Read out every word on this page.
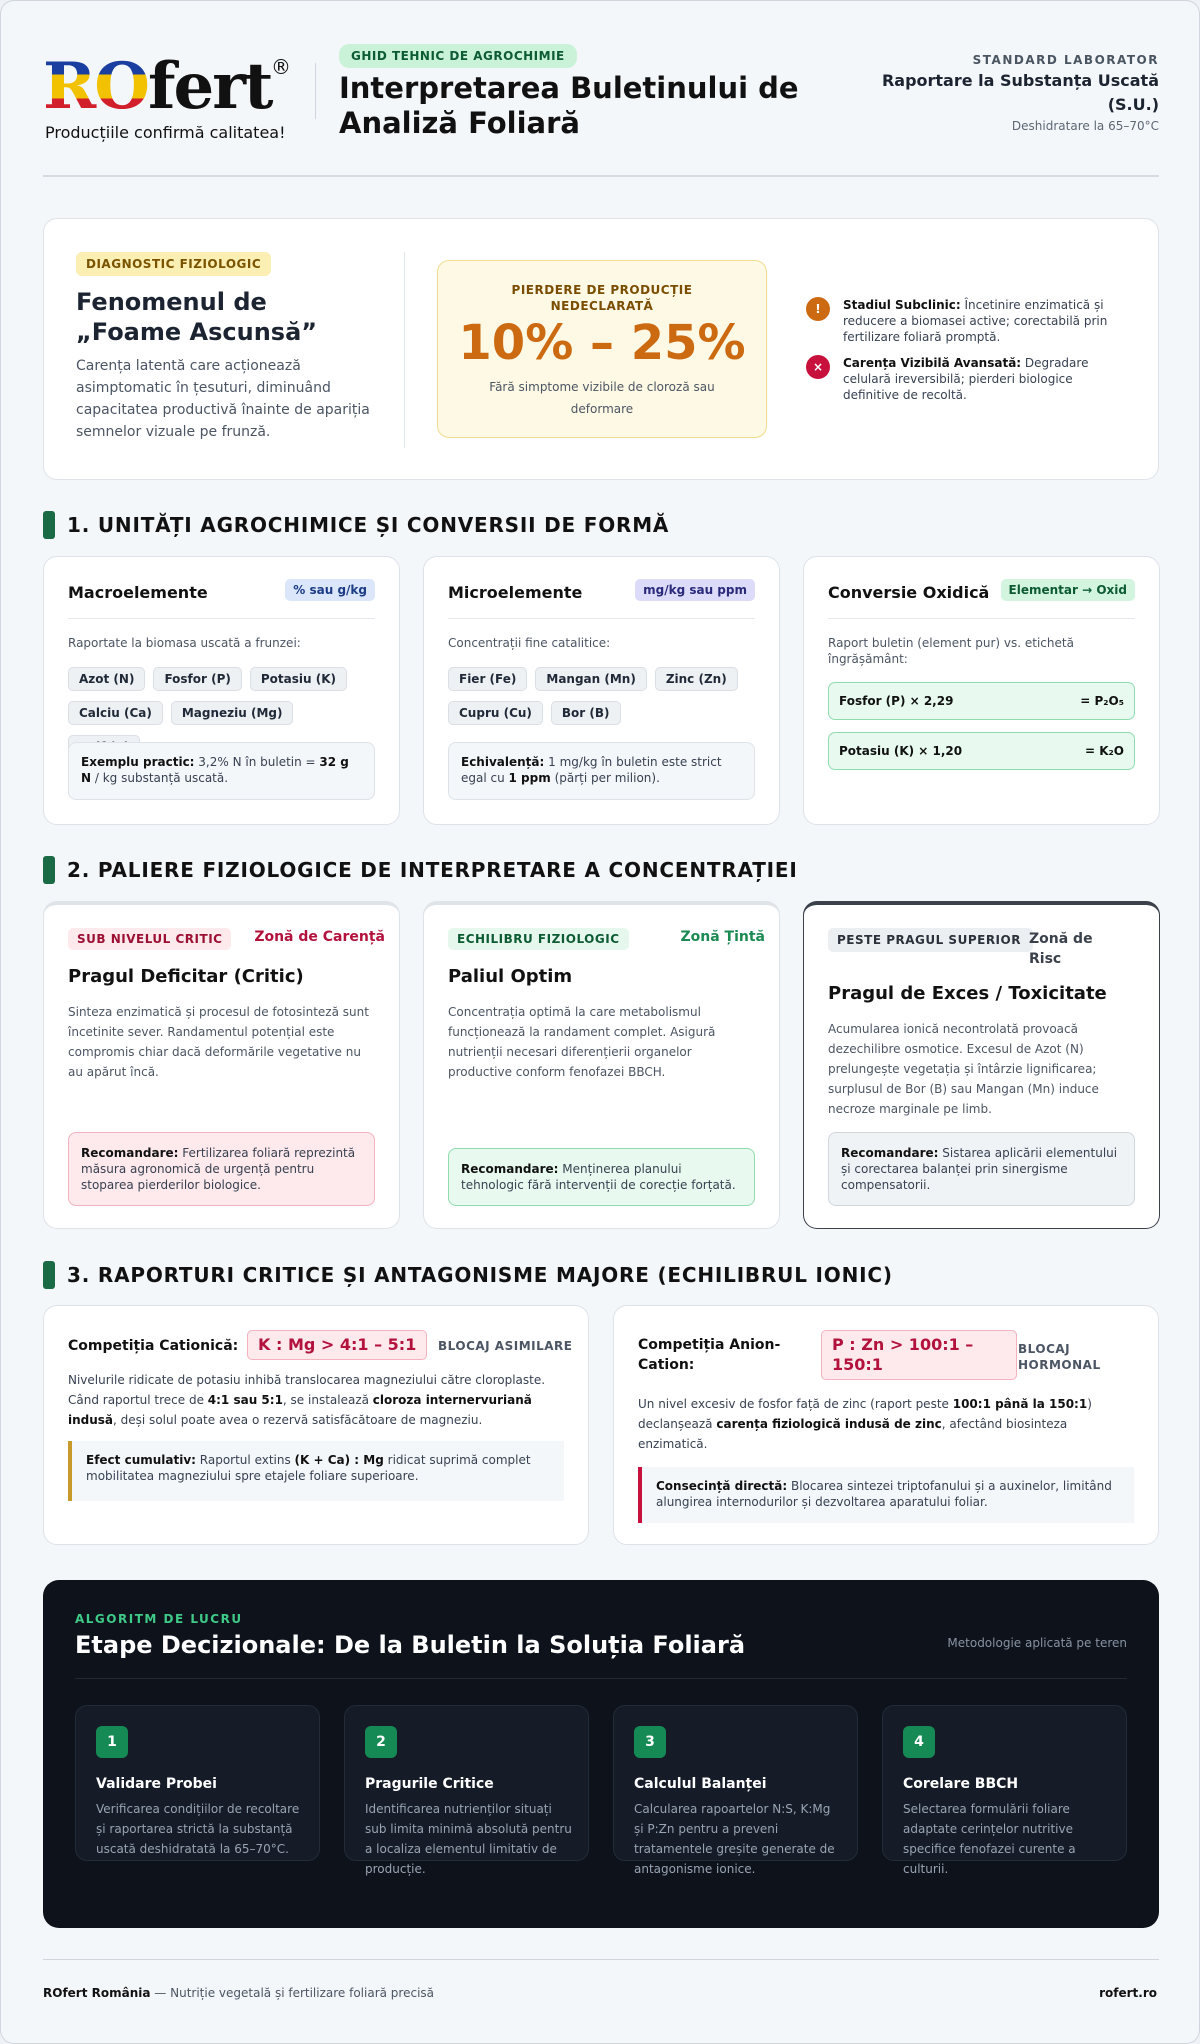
ROfert ®
Producțiile confirmă calitatea!
GHID TEHNIC DE AGROCHIMIE
Interpretarea Buletinului de Analiză Foliară
STANDARD LABORATOR
Raportare la Substanța Uscată (S.U.)
Deshidratare la 65–70°C
DIAGNOSTIC FIZIOLOGIC
Fenomenul de „Foame Ascunsă”
Carența latentă care acționează asimptomatic în țesuturi, diminuând capacitatea productivă înainte de apariția semnelor vizuale pe frunză.
PIERDERE DE PRODUCȚIE NEDECLARATĂ
10% – 25%
Fără simptome vizibile de cloroză sau deformare
!	Stadiul Subclinic: Încetinire enzimatică și reducere a biomasei active; corectabilă prin fertilizare foliară promptă.
×	Carența Vizibilă Avansată: Degradare celulară ireversibilă; pierderi biologice definitive de recoltă.
1. UNITĂȚI AGROCHIMICE ȘI CONVERSII DE FORMĂ
Macroelemente	% sau g/kg
Raportate la biomasa uscată a frunzei:
Azot (N)	Fosfor (P)	Potasiu (K)Calciu (Ca)	Magneziu (Mg)
Exemplu practic: 3,2% N în buletin = 32 g N / kg substanță uscată.
Microelemente	mg/kg sau ppm
Concentrații fine catalitice:
Fier (Fe)	Mangan (Mn)	Zinc (Zn)Cupru (Cu)	Bor (B)
Echivalență: 1 mg/kg în buletin este strict egal cu 1 ppm (părți per milion).
Conversie Oxidică	Elementar → Oxid
Raport buletin (element pur) vs. etichetă îngrășământ:
Fosfor (P) × 2,29	= P₂O₅
Potasiu (K) × 1,20	= K₂O
2. PALIERE FIZIOLOGICE DE INTERPRETARE A CONCENTRAȚIEI
SUB NIVELUL CRITIC	Zonă de Carență
Pragul Deficitar (Critic)
Sinteza enzimatică și procesul de fotosinteză sunt încetinite sever. Randamentul potențial este compromis chiar dacă deformările vegetative nu au apărut încă.
Recomandare: Fertilizarea foliară reprezintă măsura agronomică de urgență pentru stoparea pierderilor biologice.
ECHILIBRU FIZIOLOGIC	Zonă Țintă
Paliul Optim
Concentrația optimă la care metabolismul funcționează la randament complet. Asigură nutrienții necesari diferențierii organelor productive conform fenofazei BBCH.
Recomandare: Menținerea planului tehnologic fără intervenții de corecție forțată.
PESTE PRAGUL SUPERIOR Zonă de Risc
Pragul de Exces / Toxicitate
Acumularea ionică necontrolată provoacă dezechilibre osmotice. Excesul de Azot (N) prelungește vegetația și întârzie lignificarea; surplusul de Bor (B) sau Mangan (Mn) induce necroze marginale pe limb.
Recomandare: Sistarea aplicării elementului și corectarea balanței prin sinergisme compensatorii.
3. RAPORTURI CRITICE ȘI ANTAGONISME MAJORE (ECHILIBRUL IONIC)
Competiția Cationică:	K : Mg > 4:1 – 5:1	BLOCAJ ASIMILARE
Nivelurile ridicate de potasiu inhibă translocarea magneziului către cloroplaste. Când raportul trece de 4:1 sau 5:1, se instalează cloroza internervuriană indusă, deși solul poate avea o rezervă satisfăcătoare de magneziu.
Efect cumulativ: Raportul extins (K + Ca) : Mg ridicat suprimă complet mobilitatea magneziului spre etajele foliare superioare.
Competiția Anion-Cation:
P : Zn > 100:1 – 150:1
BLOCAJ HORMONAL
Un nivel excesiv de fosfor față de zinc (raport peste 100:1 până la 150:1) declanșează carența fiziologică indusă de zinc, afectând biosinteza enzimatică.
Consecință directă: Blocarea sintezei triptofanului și a auxinelor, limitând alungirea internodurilor și dezvoltarea aparatului foliar.
ALGORITM DE LUCRU
Etape Decizionale: De la Buletin la Soluția Foliară	Metodologie aplicată pe teren
1
Validare Probei
Verificarea condițiilor de recoltare și raportarea strictă la substanță uscată deshidratată la 65–70°C.
2
Pragurile Critice
Identificarea nutrienților situați sub limita minimă absolută pentru a localiza elementul limitativ de producție.
3
Calculul Balanței
Calcularea rapoartelor N:S, K:Mg și P:Zn pentru a preveni tratamentele greșite generate de antagonisme ionice.
4
Corelare BBCH
Selectarea formulării foliare adaptate cerințelor nutritive specifice fenofazei curente a culturii.
ROfert România — Nutriție vegetală și fertilizare foliară precisă	rofert.ro
